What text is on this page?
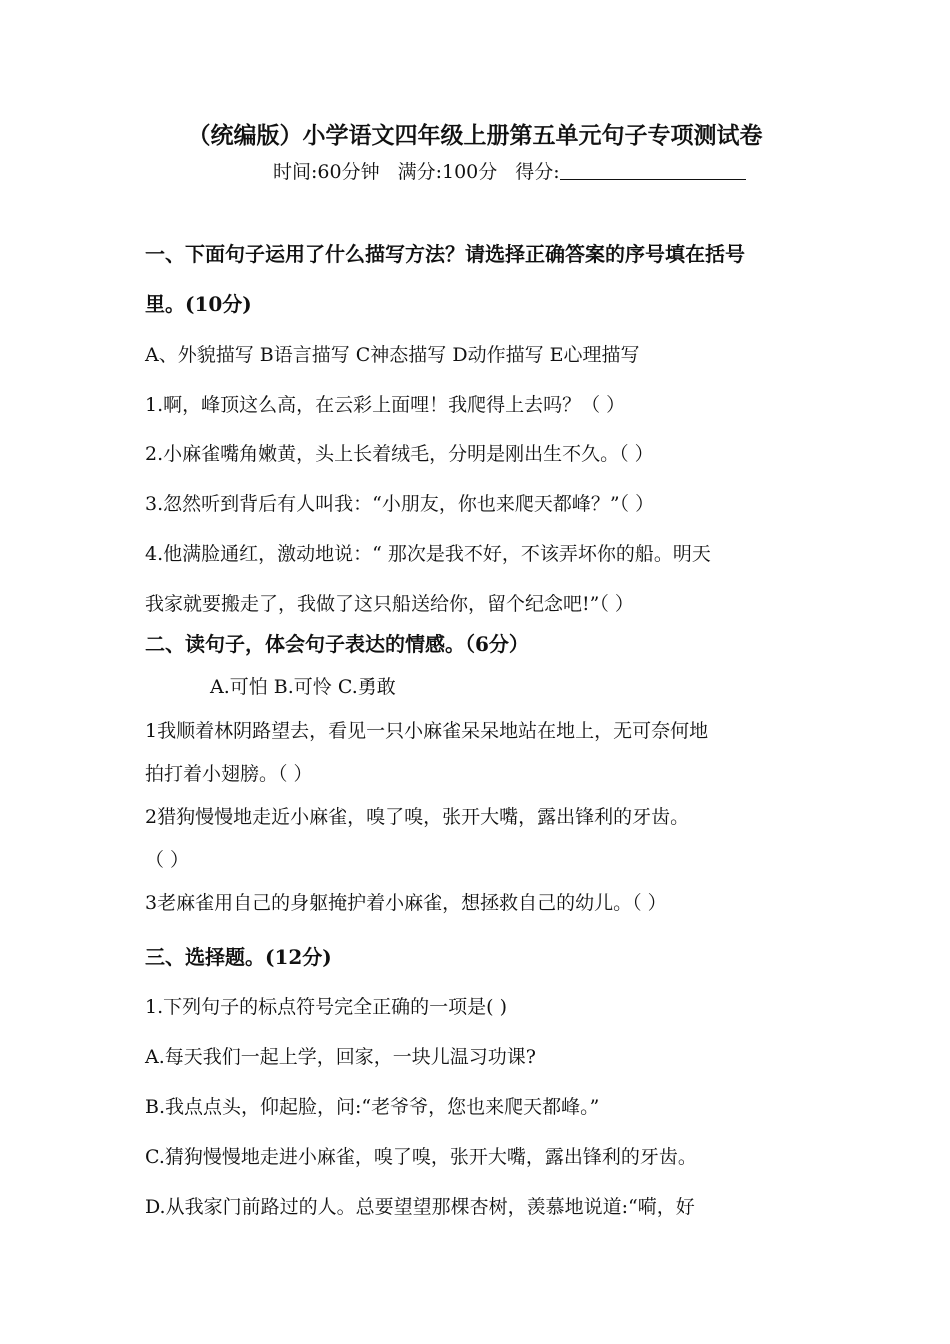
（统编版）小学语文四年级上册第五单元句子专项测试卷
时间:60分钟 满分:100分 得分:
一、下面句子运用了什么描写方法？请选择正确答案的序号填在括号
里。(10分)
A、外貌描写 B语言描写 C神态描写 D动作描写 E心理描写
1.啊，峰顶这么高，在云彩上面哩！我爬得上去吗？（ ）
2.小麻雀嘴角嫩黄，头上长着绒毛，分明是刚出生不久。（ ）
3.忽然听到背后有人叫我：“小朋友，你也来爬天都峰？”（ ）
4.他满脸通红，激动地说：“ 那次是我不好，不该弄坏你的船。明天
我家就要搬走了，我做了这只船送给你，留个纪念吧!”（ ）
二、读句子，体会句子表达的情感。（6分）
A.可怕 B.可怜 C.勇敢
1我顺着林阴路望去，看见一只小麻雀呆呆地站在地上，无可奈何地
拍打着小翅膀。（ ）
2猎狗慢慢地走近小麻雀，嗅了嗅，张开大嘴，露出锋利的牙齿。
（ ）
3老麻雀用自己的身躯掩护着小麻雀，想拯救自己的幼儿。（ ）
三、选择题。(12分)
1.下列句子的标点符号完全正确的一项是( )
A.每天我们一起上学，回家，一块儿温习功课?
B.我点点头，仰起脸，问:“老爷爷，您也来爬天都峰。”
C.猜狗慢慢地走进小麻雀，嗅了嗅，张开大嘴，露出锋利的牙齿。
D.从我家门前路过的人。总要望望那棵杏树，羡慕地说道:“嗬，好
